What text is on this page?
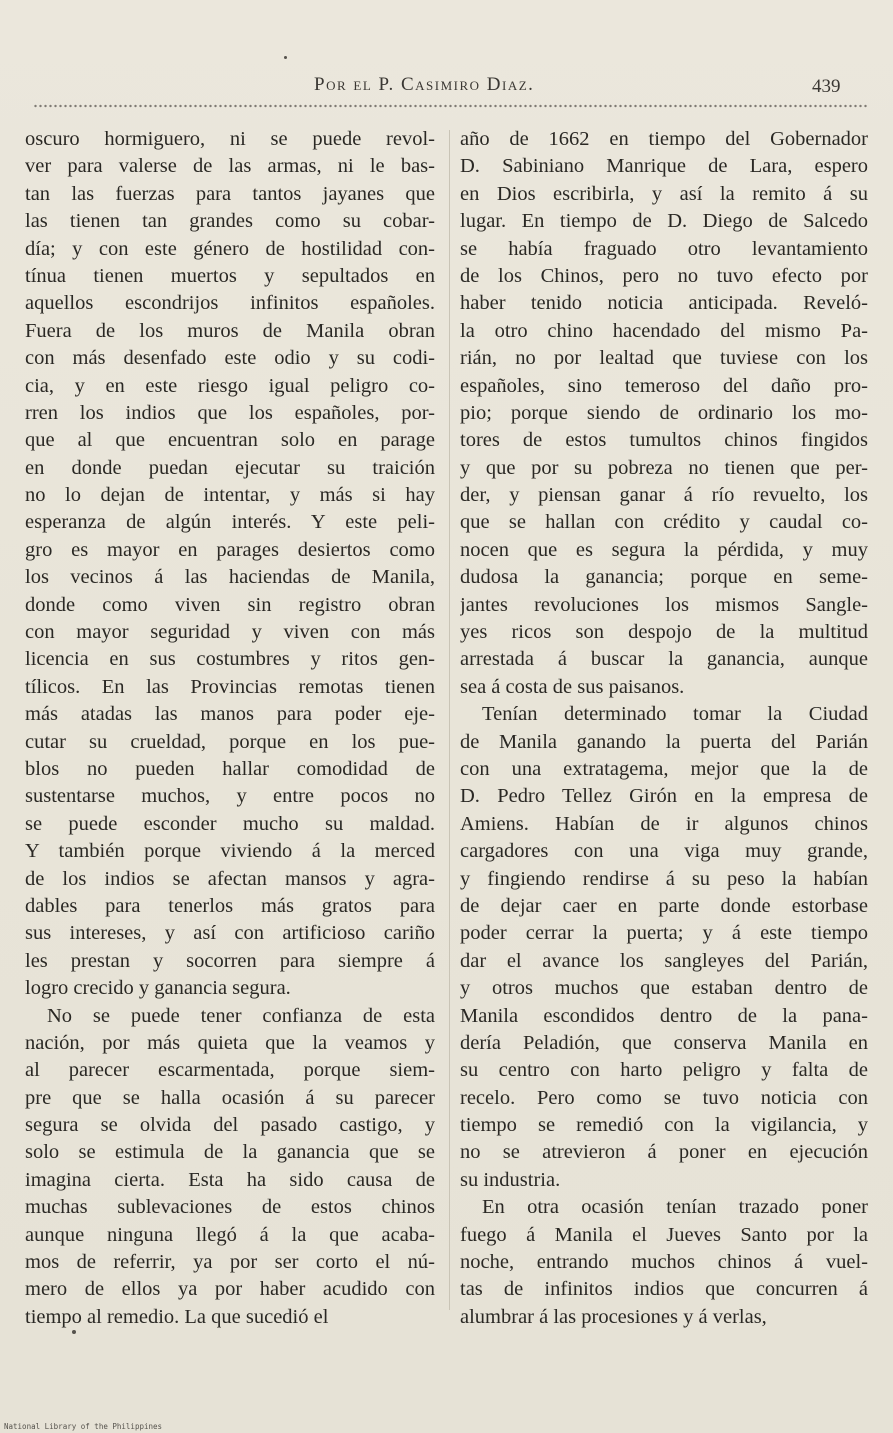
Por el P. Casimiro Diaz.	439
oscuro hormiguero, ni se puede revol-
ver para valerse de las armas, ni le bas-
tan las fuerzas para tantos jayanes que
las tienen tan grandes como su cobar-
día; y con este género de hostilidad con-
tínua tienen muertos y sepultados en
aquellos escondrijos infinitos españoles.
Fuera de los muros de Manila obran
con más desenfado este odio y su codi-
cia, y en este riesgo igual peligro co-
rren los indios que los españoles, por-
que al que encuentran solo en parage
en donde puedan ejecutar su traición
no lo dejan de intentar, y más si hay
esperanza de algún interés. Y este peli-
gro es mayor en parages desiertos como
los vecinos á las haciendas de Manila,
donde como viven sin registro obran
con mayor seguridad y viven con más
licencia en sus costumbres y ritos gen-
tílicos. En las Provincias remotas tienen
más atadas las manos para poder eje-
cutar su crueldad, porque en los pue-
blos no pueden hallar comodidad de
sustentarse muchos, y entre pocos no
se puede esconder mucho su maldad.
Y también porque viviendo á la merced
de los indios se afectan mansos y agra-
dables para tenerlos más gratos para
sus intereses, y así con artificioso cariño
les prestan y socorren para siempre á
logro crecido y ganancia segura.
No se puede tener confianza de esta
nación, por más quieta que la veamos y
al parecer escarmentada, porque siem-
pre que se halla ocasión á su parecer
segura se olvida del pasado castigo, y
solo se estimula de la ganancia que se
imagina cierta. Esta ha sido causa de
muchas sublevaciones de estos chinos
aunque ninguna llegó á la que acaba-
mos de referrir, ya por ser corto el nú-
mero de ellos ya por haber acudido con
tiempo al remedio. La que sucedió el
año de 1662 en tiempo del Gobernador
D. Sabiniano Manrique de Lara, espero
en Dios escribirla, y así la remito á su
lugar. En tiempo de D. Diego de Salcedo
se había fraguado otro levantamiento
de los Chinos, pero no tuvo efecto por
haber tenido noticia anticipada. Reveló-
la otro chino hacendado del mismo Pa-
rián, no por lealtad que tuviese con los
españoles, sino temeroso del daño pro-
pio; porque siendo de ordinario los mo-
tores de estos tumultos chinos fingidos
y que por su pobreza no tienen que per-
der, y piensan ganar á río revuelto, los
que se hallan con crédito y caudal co-
nocen que es segura la pérdida, y muy
dudosa la ganancia; porque en seme-
jantes revoluciones los mismos Sangle-
yes ricos son despojo de la multitud
arrestada á buscar la ganancia, aunque
sea á costa de sus paisanos.
Tenían determinado tomar la Ciudad
de Manila ganando la puerta del Parián
con una extratagema, mejor que la de
D. Pedro Tellez Girón en la empresa de
Amiens. Habían de ir algunos chinos
cargadores con una viga muy grande,
y fingiendo rendirse á su peso la habían
de dejar caer en parte donde estorbase
poder cerrar la puerta; y á este tiempo
dar el avance los sangleyes del Parián,
y otros muchos que estaban dentro de
Manila escondidos dentro de la pana-
dería Peladión, que conserva Manila en
su centro con harto peligro y falta de
recelo. Pero como se tuvo noticia con
tiempo se remedió con la vigilancia, y
no se atrevieron á poner en ejecución
su industria.
En otra ocasión tenían trazado poner
fuego á Manila el Jueves Santo por la
noche, entrando muchos chinos á vuel-
tas de infinitos indios que concurren á
alumbrar á las procesiones y á verlas,
National Library of the Philippines
